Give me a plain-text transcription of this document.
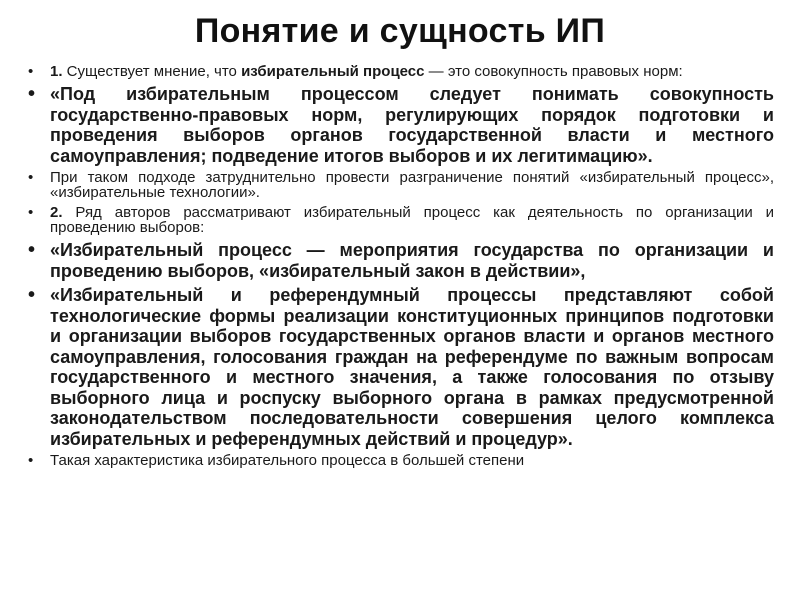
Понятие и сущность ИП
• 1. Существует мнение, что избирательный процесс — это совокупность правовых норм:
• «Под избирательным процессом следует понимать совокупность государственно-правовых норм, регулирующих порядок подготовки и проведения выборов органов государственной власти и местного самоуправления; подведение итогов выборов и их легитимацию».
• При таком подходе затруднительно провести разграничение понятий «избирательный процесс», «избирательные технологии».
• 2. Ряд авторов рассматривают избирательный процесс как деятельность по организации и проведению выборов:
• «Избирательный процесс — мероприятия государства по организации и проведению выборов, «избирательный закон в действии»,
• «Избирательный и референдумный процессы представляют собой технологические формы реализации конституционных принципов подготовки и организации выборов государственных органов власти и органов местного самоуправления, голосования граждан на референдуме по важным вопросам государственного и местного значения, а также голосования по отзыву выборного лица и роспуску выборного органа в рамках предусмотренной законодательством последовательности совершения целого комплекса избирательных и референдумных действий и процедур».
• Такая характеристика избирательного процесса в большей степени
